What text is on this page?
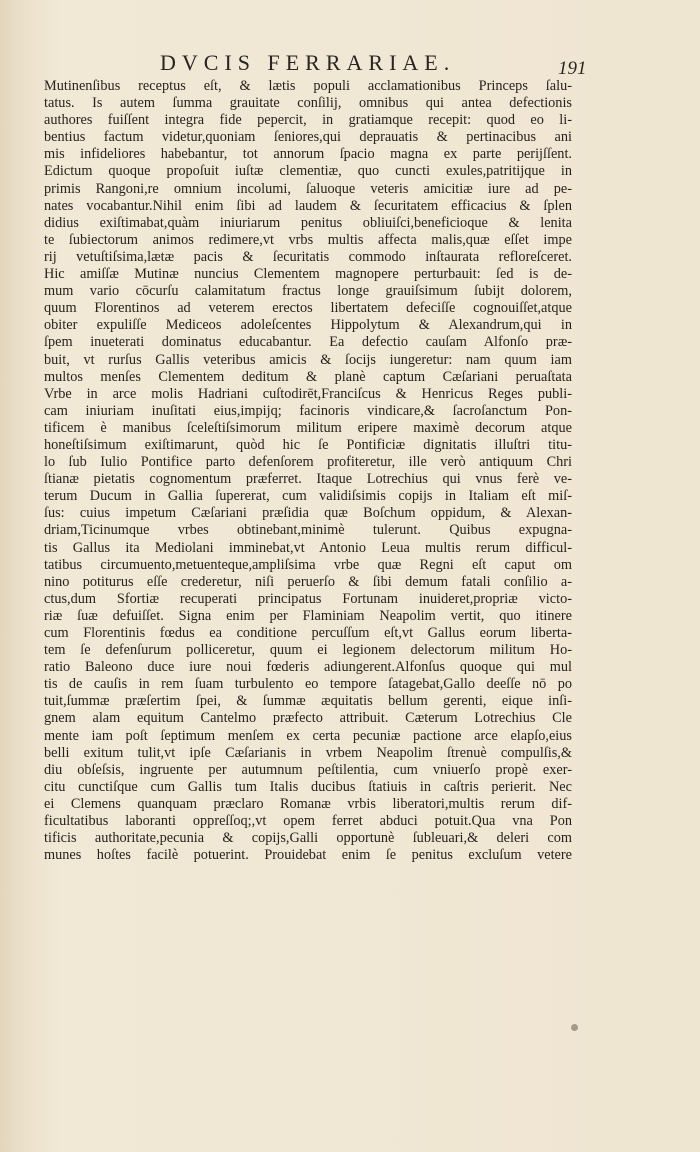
DVCIS FERRARIAE.	191
Mutinenſibus receptus eſt, & lætis populi acclamationibus Princeps ſalu-
tatus. Is autem ſumma grauitate conſilij, omnibus qui antea defectionis
authores fuiſſent integra fide pepercit, in gratiamque recepit: quod eo li-
bentius factum videtur,quoniam ſeniores,qui deprauatis & pertinacibus ani
mis infideliores habebantur, tot annorum ſpacio magna ex parte perijſſent.
Edictum quoque propoſuit iuſtæ clementiæ, quo cuncti exules,patritijque in
primis Rangoni,re omnium incolumi, ſaluoque veteris amicitiæ iure ad pe-
nates vocabantur.Nihil enim ſibi ad laudem & ſecuritatem efficacius & ſplen
didius exiſtimabat,quàm iniuriarum penitus obliuiſci,beneficioque & lenita
te ſubiectorum animos redimere,vt vrbs multis affecta malis,quæ eſſet impe
rij vetuſtiſsima,lætæ pacis & ſecuritatis commodo inſtaurata refloreſceret.
Hic amiſſæ Mutinæ nuncius Clementem magnopere perturbauit: ſed is de-
mum vario cōcurſu calamitatum fractus longe grauiſsimum ſubijt dolorem,
quum Florentinos ad veterem erectos libertatem defeciſſe cognouiſſet,atque
obiter expuliſſe Mediceos adoleſcentes Hippolytum & Alexandrum,qui in
ſpem inueterati dominatus educabantur. Ea defectio cauſam Alfonſo præ-
buit, vt rurſus Gallis veteribus amicis & ſocijs iungeretur: nam quum iam
multos menſes Clementem deditum & planè captum Cæſariani peruaſtata
Vrbe in arce molis Hadriani cuſtodirēt,Franciſcus & Henricus Reges publi-
cam iniuriam inuſitati eius,impijq; facinoris vindicare,& ſacroſanctum Pon-
tificem è manibus ſceleſtiſsimorum militum eripere maximè decorum atque
honeſtiſsimum exiſtimarunt, quòd hic ſe Pontificiæ dignitatis illuſtri titu-
lo ſub Iulio Pontifice parto defenſorem profiteretur, ille verò antiquum Chri
ſtianæ pietatis cognomentum præferret. Itaque Lotrechius qui vnus ferè ve-
terum Ducum in Gallia ſupererat, cum validiſsimis copijs in Italiam eſt miſ-
ſus: cuius impetum Cæſariani præſidia quæ Boſchum oppidum, & Alexan-
driam,Ticinumque vrbes obtinebant,minimè tulerunt. Quibus expugna-
tis Gallus ita Mediolani imminebat,vt Antonio Leua multis rerum difficul-
tatibus circumuento,metuenteque,ampliſsima vrbe quæ Regni eſt caput om
nino potiturus eſſe crederetur, niſi peruerſo & ſibi demum fatali conſilio a-
ctus,dum Sfortiæ recuperati principatus Fortunam inuideret,propriæ victo-
riæ ſuæ defuiſſet. Signa enim per Flaminiam Neapolim vertit, quo itinere
cum Florentinis fœdus ea conditione percuſſum eſt,vt Gallus eorum liberta-
tem ſe defenſurum polliceretur, quum ei legionem delectorum militum Ho-
ratio Baleono duce iure noui fœderis adiungerent.Alfonſus quoque qui mul
tis de cauſis in rem ſuam turbulento eo tempore ſatagebat,Gallo deeſſe nō po
tuit,ſummæ præſertim ſpei, & ſummæ æquitatis bellum gerenti, eique inſi-
gnem alam equitum Cantelmo præfecto attribuit. Cæterum Lotrechius Cle
mente iam poſt ſeptimum menſem ex certa pecuniæ pactione arce elapſo,eius
belli exitum tulit,vt ipſe Cæſarianis in vrbem Neapolim ſtrenuè compulſis,&
diu obſeſsis, ingruente per autumnum peſtilentia, cum vniuerſo propè exer-
citu cunctiſque cum Gallis tum Italis ducibus ſtatiuis in caſtris perierit. Nec
ei Clemens quanquam præclaro Romanæ vrbis liberatori,multis rerum dif-
ficultatibus laboranti oppreſſoq;,vt opem ferret abduci potuit.Qua vna Pon
tificis authoritate,pecunia & copijs,Galli opportunè ſubleuari,& deleri com
munes hoſtes facilè potuerint. Prouidebat enim ſe penitus excluſum vetere
